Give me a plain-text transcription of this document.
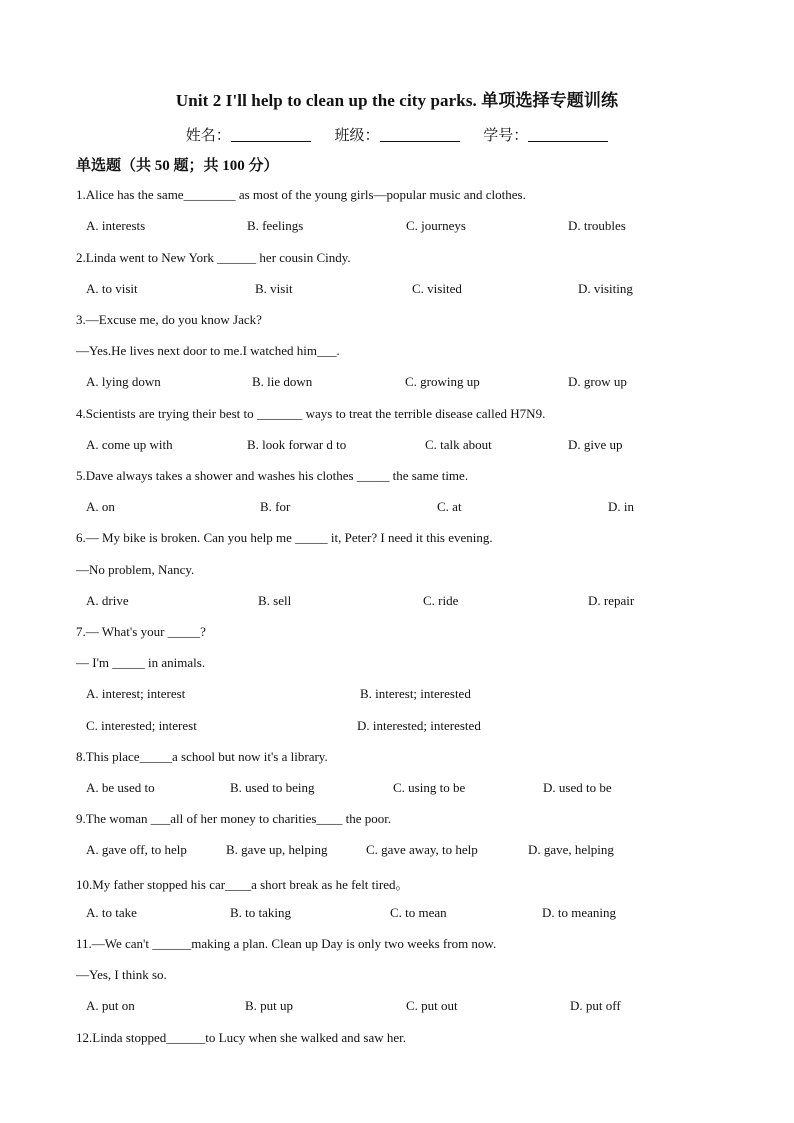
Unit 2 I'll help to clean up the city parks. 单项选择专题训练
姓名：	班级：	学号：
单选题（共 50 题；共 100 分）
1.Alice has the same________ as most of the young girls—popular music and clothes.
A. interests	B. feelings	C. journeys	D. troubles
2.Linda went to New York ______ her cousin Cindy.
A. to visit	B. visit	C. visited	D. visiting
3.—Excuse me, do you know Jack?
—Yes.He lives next door to me.I watched him___.
A. lying down	B. lie down	C. growing up	D. grow up
4.Scientists are trying their best to _______ ways to treat the terrible disease called H7N9.
A. come up with	B. look forwar d to	C. talk about	D. give up
5.Dave always takes a shower and washes his clothes _____ the same time.
A. on	B. for	C. at	D. in
6.— My bike is broken. Can you help me _____ it, Peter? I need it this evening.
—No problem, Nancy.
A. drive	B. sell	C. ride	D. repair
7.— What's your _____?
— I'm _____ in animals.
A. interest; interest	B. interest; interested
C. interested; interest	D. interested; interested
8.This place_____a school but now it's a library.
A. be used to	B. used to being	C. using to be	D. used to be
9.The woman ___all of her money to charities____ the poor.
A. gave off, to help	B. gave up, helping	C. gave away, to help	D. gave, helping
10.My father stopped his car____a short break as he felt tired。
A. to take	B. to taking	C. to mean	D. to meaning
11.—We can't ______making a plan. Clean up Day is only two weeks from now.
—Yes, I think so.
A. put on	B. put up	C. put out	D. put off
12.Linda stopped______to Lucy when she walked and saw her.
